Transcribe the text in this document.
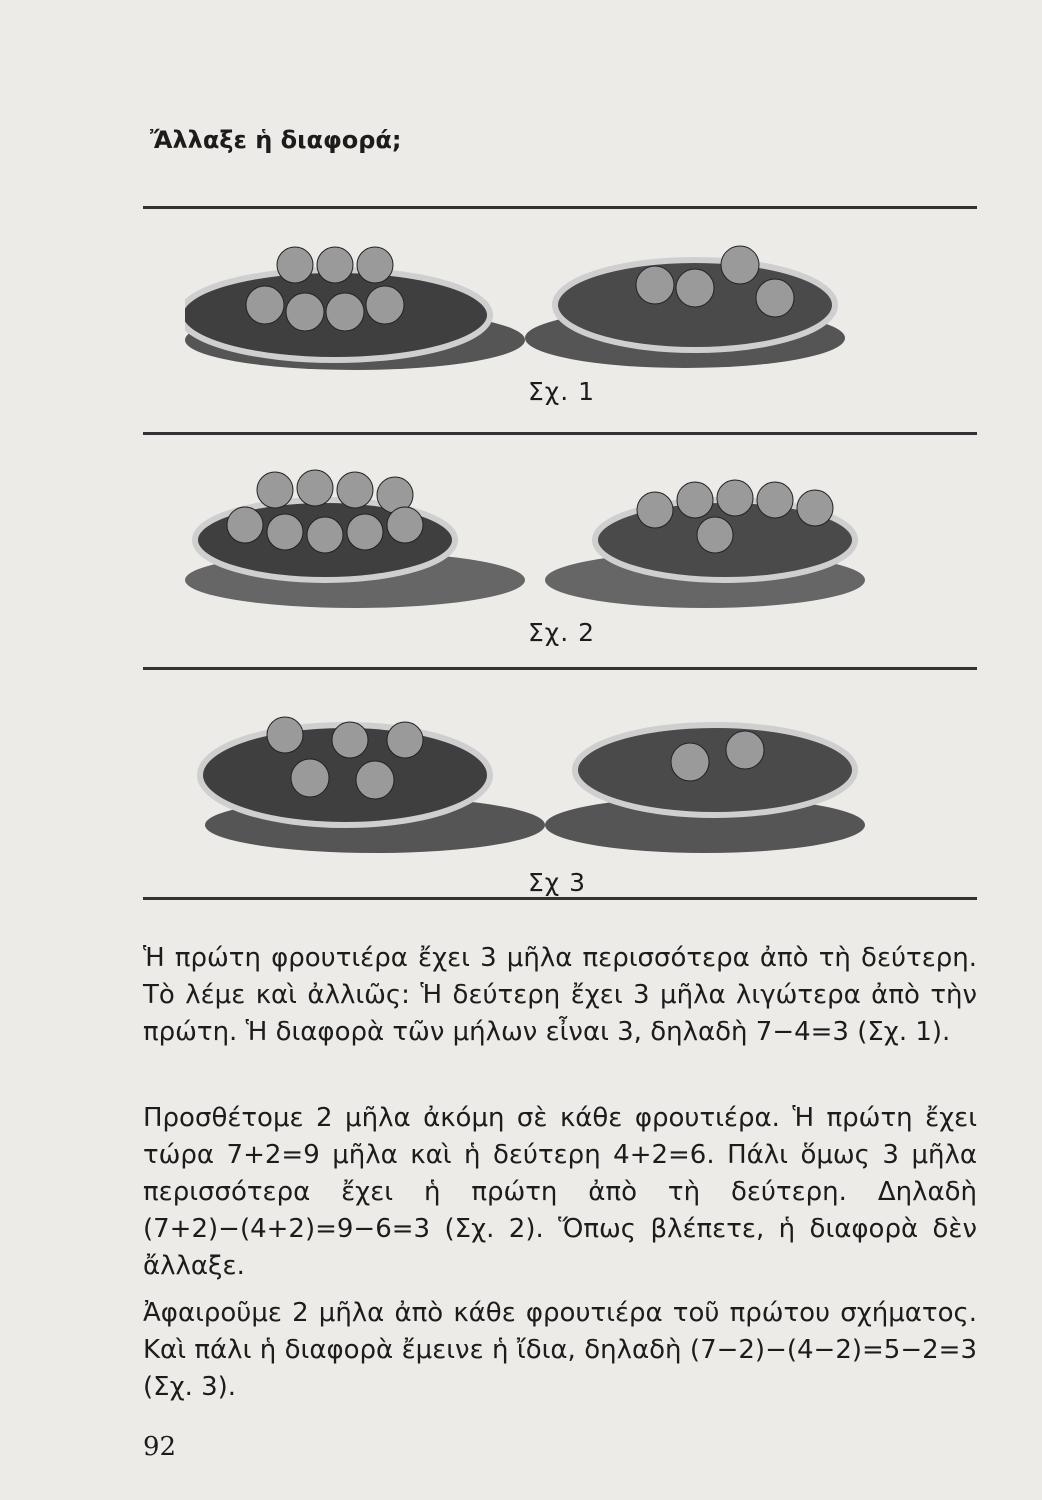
Ἄλλαξε ἡ διαφορά;
Σχ. 1
Σχ. 2
Σχ 3
Ἡ πρώτη φρουτιέρα ἔχει 3 μῆλα περισσότερα ἀπὸ τὴ δεύτερη. Τὸ λέμε καὶ ἀλλιῶς: Ἡ δεύτερη ἔχει 3 μῆλα λιγώτερα ἀπὸ τὴν πρώτη. Ἡ διαφορὰ τῶν μήλων εἶναι 3, δηλαδὴ 7−4=3 (Σχ. 1).
Προσθέτομε 2 μῆλα ἀκόμη σὲ κάθε φρουτιέρα. Ἡ πρώτη ἔχει τώρα 7+2=9 μῆλα καὶ ἡ δεύτερη 4+2=6. Πάλι ὅμως 3 μῆλα περισσότερα ἔχει ἡ πρώτη ἀπὸ τὴ δεύτερη. Δηλαδὴ (7+2)−(4+2)=9−6=3 (Σχ. 2). Ὅπως βλέπετε, ἡ διαφορὰ δὲν ἄλλαξε.
Ἀφαιροῦμε 2 μῆλα ἀπὸ κάθε φρουτιέρα τοῦ πρώτου σχήματος. Καὶ πάλι ἡ διαφορὰ ἔμεινε ἡ ἴδια, δηλαδὴ (7−2)−(4−2)=5−2=3 (Σχ. 3).
92
